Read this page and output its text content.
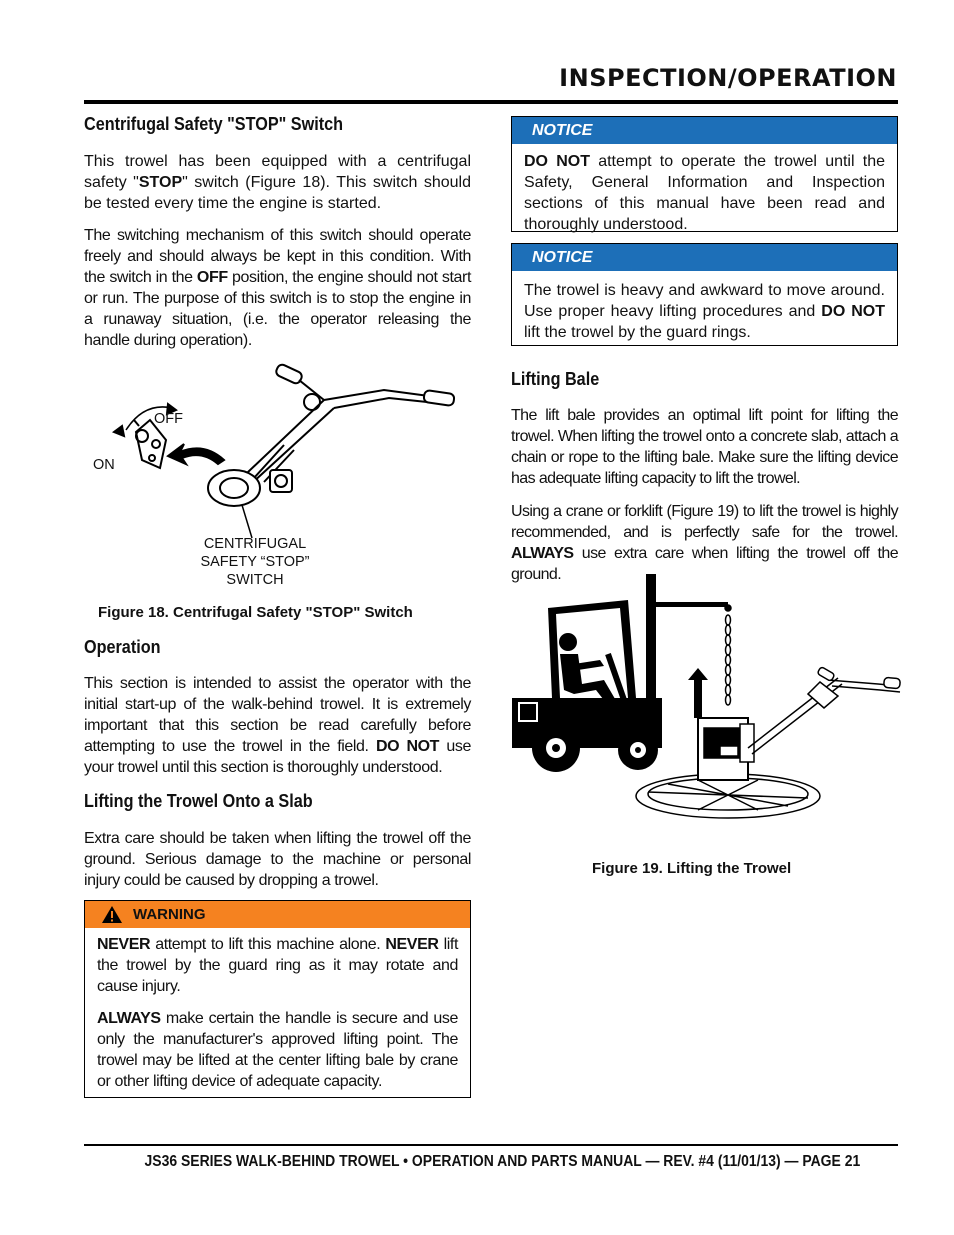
INSPECTION/OPERATION
Centrifugal Safety "STOP" Switch

This trowel has been equipped with a centrifugal safety "STOP" switch (Figure 18). This switch should be tested every time the engine is started.

The switching mechanism of this switch should operate freely and should always be kept in this condition. With the switch in the OFF position, the engine should not start or run. The purpose of this switch is to stop the engine in a runaway situation, (i.e. the operator releasing the handle during operation).

OFF
ON
CENTRIFUGAL
SAFETY “STOP”
SWITCH
Figure 18. Centrifugal Safety "STOP" Switch
Operation

This section is intended to assist the operator with the initial start-up of the walk-behind trowel. It is extremely important that this section be read carefully before attempting to use the trowel in the field. DO NOT use your trowel until this section is thoroughly understood.

Lifting the Trowel Onto a Slab

Extra care should be taken when lifting the trowel off the ground. Serious damage to the machine or personal injury could be caused by dropping a trowel.

WARNING

NEVER attempt to lift this machine alone. NEVER lift the trowel by the guard ring as it may rotate and cause injury.

ALWAYS make certain the handle is secure and use only the manufacturer's approved lifting point. The trowel may be lifted at the center lifting bale by crane or other lifting device of adequate capacity.

NOTICE
DO NOT attempt to operate the trowel until the Safety, General Information and Inspection sections of this manual have been read and thoroughly understood.
NOTICE
The trowel is heavy and awkward to move around. Use proper heavy lifting procedures and DO NOT lift the trowel by the guard rings.
Lifting Bale

The lift bale provides an optimal lift point for lifting the trowel. When lifting the trowel onto a concrete slab, attach a chain or rope to the lifting bale. Make sure the lifting device has adequate lifting capacity to lift the trowel.

Using a crane or forklift (Figure 19) to lift the trowel is highly recommended, and is perfectly safe for the trowel. ALWAYS use extra care when lifting the trowel off the ground.

LIFT
Figure 19. Lifting the Trowel
JS36 SERIES WALK-BEHIND TROWEL • OPERATION AND PARTS MANUAL — REV. #4 (11/01/13) — PAGE 21
